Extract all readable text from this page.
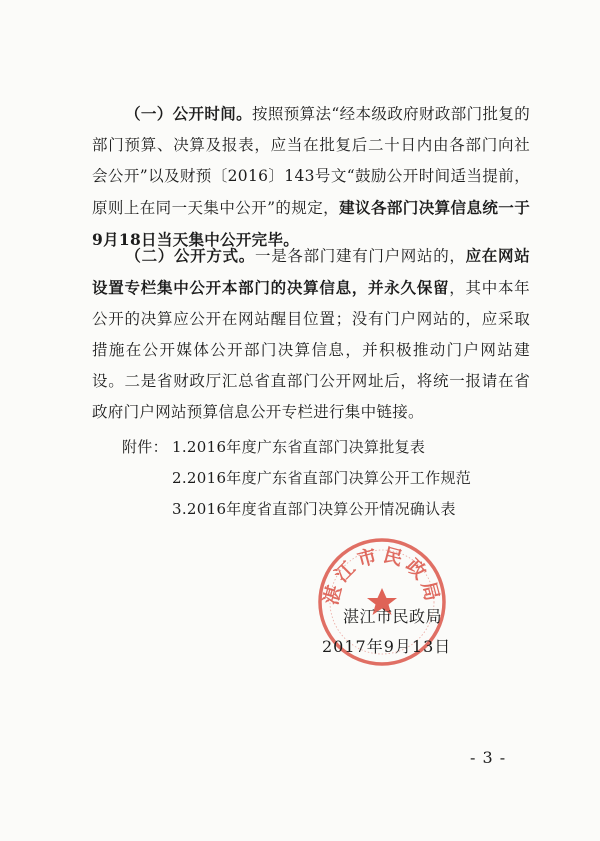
（一）公开时间。按照预算法“经本级政府财政部门批复的部门预算、决算及报表，应当在批复后二十日内由各部门向社会公开”以及财预〔2016〕143号文“鼓励公开时间适当提前，原则上在同一天集中公开”的规定，建议各部门决算信息统一于9月18日当天集中公开完毕。
（二）公开方式。一是各部门建有门户网站的，应在网站设置专栏集中公开本部门的决算信息，并永久保留，其中本年公开的决算应公开在网站醒目位置；没有门户网站的，应采取措施在公开媒体公开部门决算信息，并积极推动门户网站建设。二是省财政厅汇总省直部门公开网址后，将统一报请在省政府门户网站预算信息公开专栏进行集中链接。
附件： 1.2016年度广东省直部门决算批复表
2.2016年度广东省直部门决算公开工作规范
3.2016年度省直部门决算公开情况确认表
湛江市民政局
湛江市民政局
2017年9月13日
- 3 -
